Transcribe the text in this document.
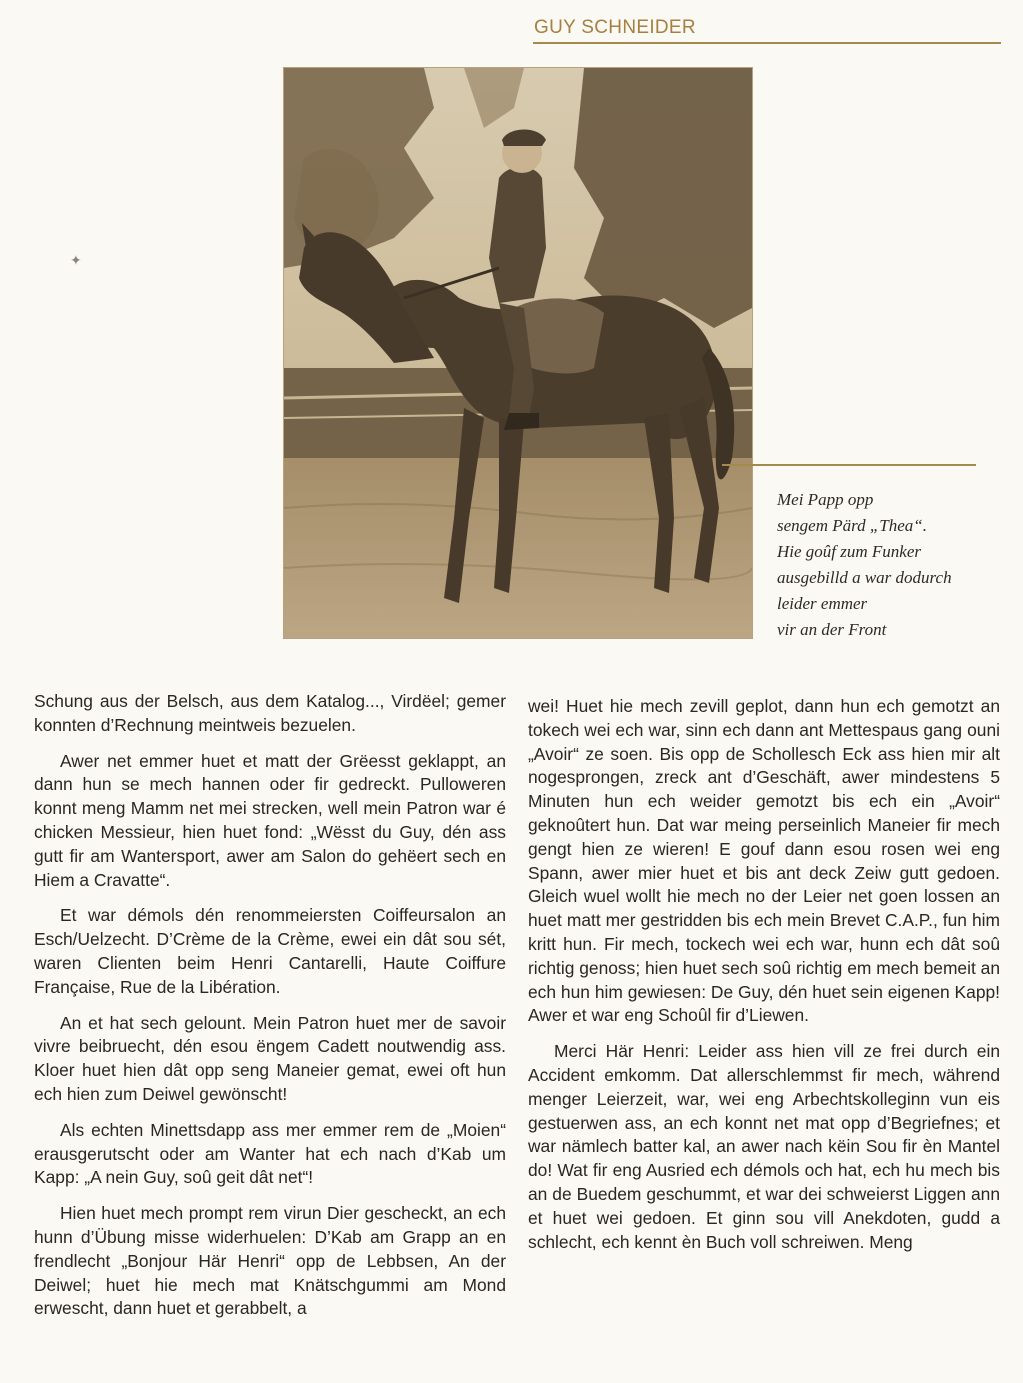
✦
GUY SCHNEIDER
Mei Papp opp
sengem Pärd „Thea“.
Hie goûf zum Funker
ausgebilld a war dodurch
leider emmer
vir an der Front

Schung aus der Belsch, aus dem Katalog..., Virdëel; gemer konnten d’Rechnung meintweis bezuelen.

Awer net emmer huet et matt der Grëesst geklappt, an dann hun se mech hannen oder fir gedreckt. Pulloweren konnt meng Mamm net mei strecken, well mein Patron war é chicken Messieur, hien huet fond: „Wësst du Guy, dén ass gutt fir am Wantersport, awer am Salon do gehëert sech en Hiem a Cravatte“.

Et war démols dén renommeiersten Coiffeursalon an Esch/Uelzecht. D’Crème de la Crème, ewei ein dât sou sét, waren Clienten beim Henri Cantarelli, Haute Coiffure Française, Rue de la Libération.

An et hat sech gelount. Mein Patron huet mer de savoir vivre beibruecht, dén esou ëngem Cadett noutwendig ass. Kloer huet hien dât opp seng Maneier gemat, ewei oft hun ech hien zum Deiwel gewönscht!

Als echten Minettsdapp ass mer emmer rem de „Moien“ erausgerutscht oder am Wanter hat ech nach d’Kab um Kapp: „A nein Guy, soû geit dât net“!

Hien huet mech prompt rem virun Dier gescheckt, an ech hunn d’Übung misse widerhuelen: D’Kab am Grapp an en frendlecht „Bonjour Här Henri“ opp de Lebbsen, An der Deiwel; huet hie mech mat Knätschgummi am Mond erwescht, dann huet et gerabbelt, a

wei! Huet hie mech zevill geplot, dann hun ech gemotzt an tokech wei ech war, sinn ech dann ant Mettespaus gang ouni „Avoir“ ze soen. Bis opp de Schollesch Eck ass hien mir alt nogesprongen, zreck ant d’Geschäft, awer mindestens 5 Minuten hun ech weider gemotzt bis ech ein „Avoir“ geknoûtert hun. Dat war meing perseinlich Maneier fir mech gengt hien ze wieren! E gouf dann esou rosen wei eng Spann, awer mier huet et bis ant deck Zeiw gutt gedoen. Gleich wuel wollt hie mech no der Leier net goen lossen an huet matt mer gestridden bis ech mein Brevet C.A.P., fun him kritt hun. Fir mech, tockech wei ech war, hunn ech dât soû richtig genoss; hien huet sech soû richtig em mech bemeit an ech hun him gewiesen: De Guy, dén huet sein eigenen Kapp! Awer et war eng Schoûl fir d’Liewen.

Merci Här Henri: Leider ass hien vill ze frei durch ein Accident emkomm. Dat allerschlemmst fir mech, während menger Leierzeit, war, wei eng Arbechtskolleginn vun eis gestuerwen ass, an ech konnt net mat opp d’Begriefnes; et war nämlech batter kal, an awer nach këin Sou fir èn Mantel do! Wat fir eng Ausried ech démols och hat, ech hu mech bis an de Buedem geschummt, et war dei schweierst Liggen ann et huet wei gedoen. Et ginn sou vill Anekdoten, gudd a schlecht, ech kennt èn Buch voll schreiwen. Meng
